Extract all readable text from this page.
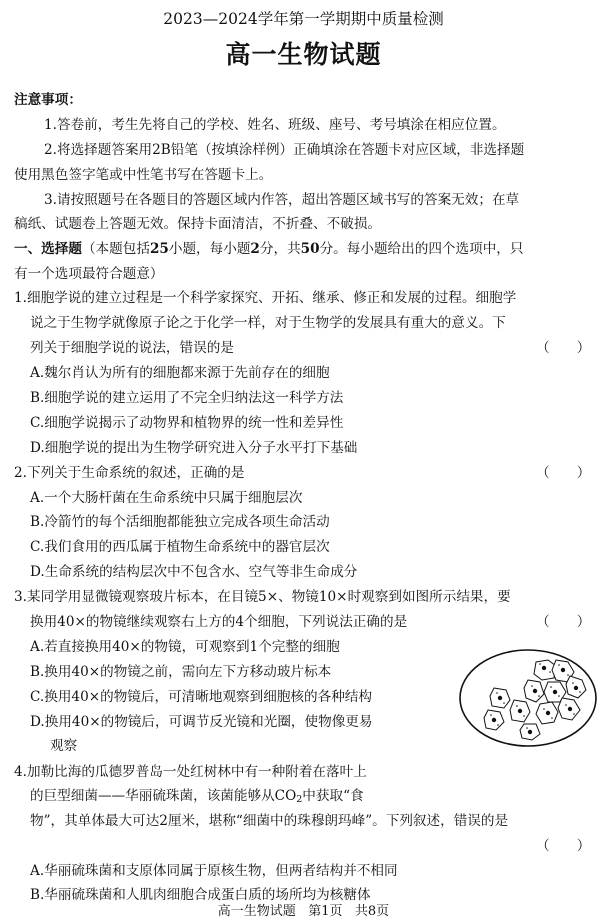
2023—2024学年第一学期期中质量检测
高一生物试题
注意事项：
1.答卷前，考生先将自己的学校、姓名、班级、座号、考号填涂在相应位置。
2.将选择题答案用2B铅笔（按填涂样例）正确填涂在答题卡对应区域，非选择题
使用黑色签字笔或中性笔书写在答题卡上。
3.请按照题号在各题目的答题区域内作答，超出答题区域书写的答案无效；在草
稿纸、试题卷上答题无效。保持卡面清洁，不折叠、不破损。
一、选择题（本题包括25小题，每小题2分，共50分。每小题给出的四个选项中，只
有一个选项最符合题意）
1.细胞学说的建立过程是一个科学家探究、开拓、继承、修正和发展的过程。细胞学
说之于生物学就像原子论之于化学一样，对于生物学的发展具有重大的意义。下
列关于细胞学说的说法，错误的是	（　　）
A.魏尔肖认为所有的细胞都来源于先前存在的细胞
B.细胞学说的建立运用了不完全归纳法这一科学方法
C.细胞学说揭示了动物界和植物界的统一性和差异性
D.细胞学说的提出为生物学研究进入分子水平打下基础
2.下列关于生命系统的叙述，正确的是	（　　）
A.一个大肠杆菌在生命系统中只属于细胞层次
B.冷箭竹的每个活细胞都能独立完成各项生命活动
C.我们食用的西瓜属于植物生命系统中的器官层次
D.生命系统的结构层次中不包含水、空气等非生命成分
3.某同学用显微镜观察玻片标本，在目镜5×、物镜10×时观察到如图所示结果，要
换用40×的物镜继续观察右上方的4个细胞，下列说法正确的是	（　　）
A.若直接换用40×的物镜，可观察到1个完整的细胞
B.换用40×的物镜之前，需向左下方移动玻片标本
C.换用40×的物镜后，可清晰地观察到细胞核的各种结构
D.换用40×的物镜后，可调节反光镜和光圈，使物像更易
观察
4.加勒比海的瓜德罗普岛一处红树林中有一种附着在落叶上
的巨型细菌——华丽硫珠菌，该菌能够从$CO_2$中获取“食
物”，其单体最大可达2厘米，堪称“细菌中的珠穆朗玛峰”。下列叙述，错误的是
（　　）
A.华丽硫珠菌和支原体同属于原核生物，但两者结构并不相同
B.华丽硫珠菌和人肌肉细胞合成蛋白质的场所均为核糖体
高一生物试题 第1页 共8页
